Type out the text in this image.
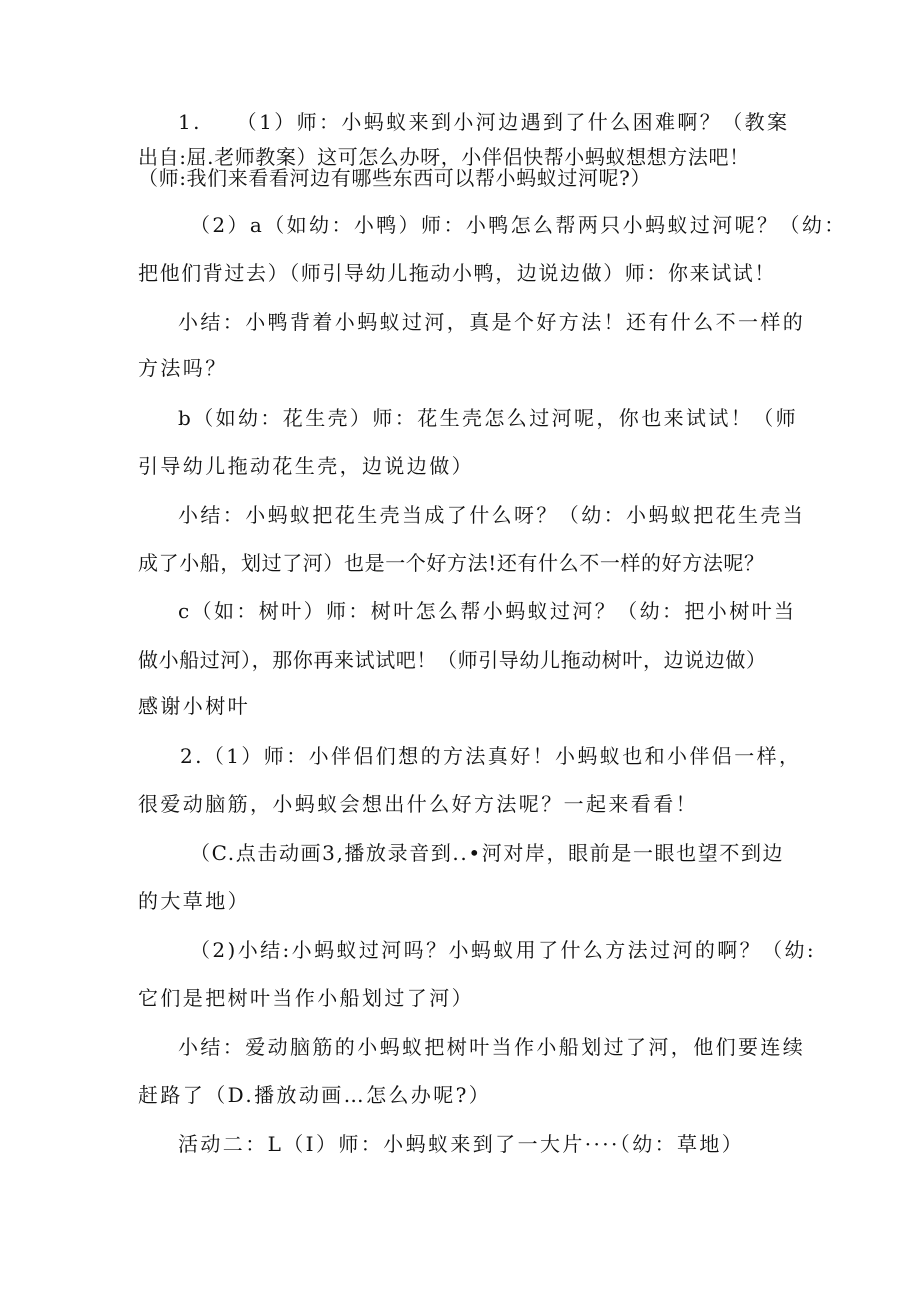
1.　　（1）师：小蚂蚁来到小河边遇到了什么困难啊？（教案
出自:屈.老师教案）这可怎么办呀，小伴侣快帮小蚂蚁想想方法吧！
（师:我们来看看河边有哪些东西可以帮小蚂蚁过河呢?）
（2）a（如幼：小鸭）师：小鸭怎么帮两只小蚂蚁过河呢？（幼：
把他们背过去）（师引导幼儿拖动小鸭，边说边做）师：你来试试！
小结：小鸭背着小蚂蚁过河，真是个好方法！还有什么不一样的
方法吗？
b（如幼：花生壳）师：花生壳怎么过河呢，你也来试试！（师
引导幼儿拖动花生壳，边说边做）
小结：小蚂蚁把花生壳当成了什么呀？（幼：小蚂蚁把花生壳当
成了小船，划过了河）也是一个好方法!还有什么不一样的好方法呢？
c（如：树叶）师：树叶怎么帮小蚂蚁过河？（幼：把小树叶当
做小船过河），那你再来试试吧！（师引导幼儿拖动树叶，边说边做）
感谢小树叶
2.（1）师：小伴侣们想的方法真好！小蚂蚁也和小伴侣一样，
很爱动脑筋，小蚂蚁会想出什么好方法呢？一起来看看！
（C.点击动画3,播放录音到..•河对岸，眼前是一眼也望不到边
的大草地）
（2)小结:小蚂蚁过河吗？小蚂蚁用了什么方法过河的啊？（幼:
它们是把树叶当作小船划过了河）
小结：爱动脑筋的小蚂蚁把树叶当作小船划过了河，他们要连续
赶路了（D.播放动画…怎么办呢?）
活动二：L（I）师：小蚂蚁来到了一大片····（幼：草地）
